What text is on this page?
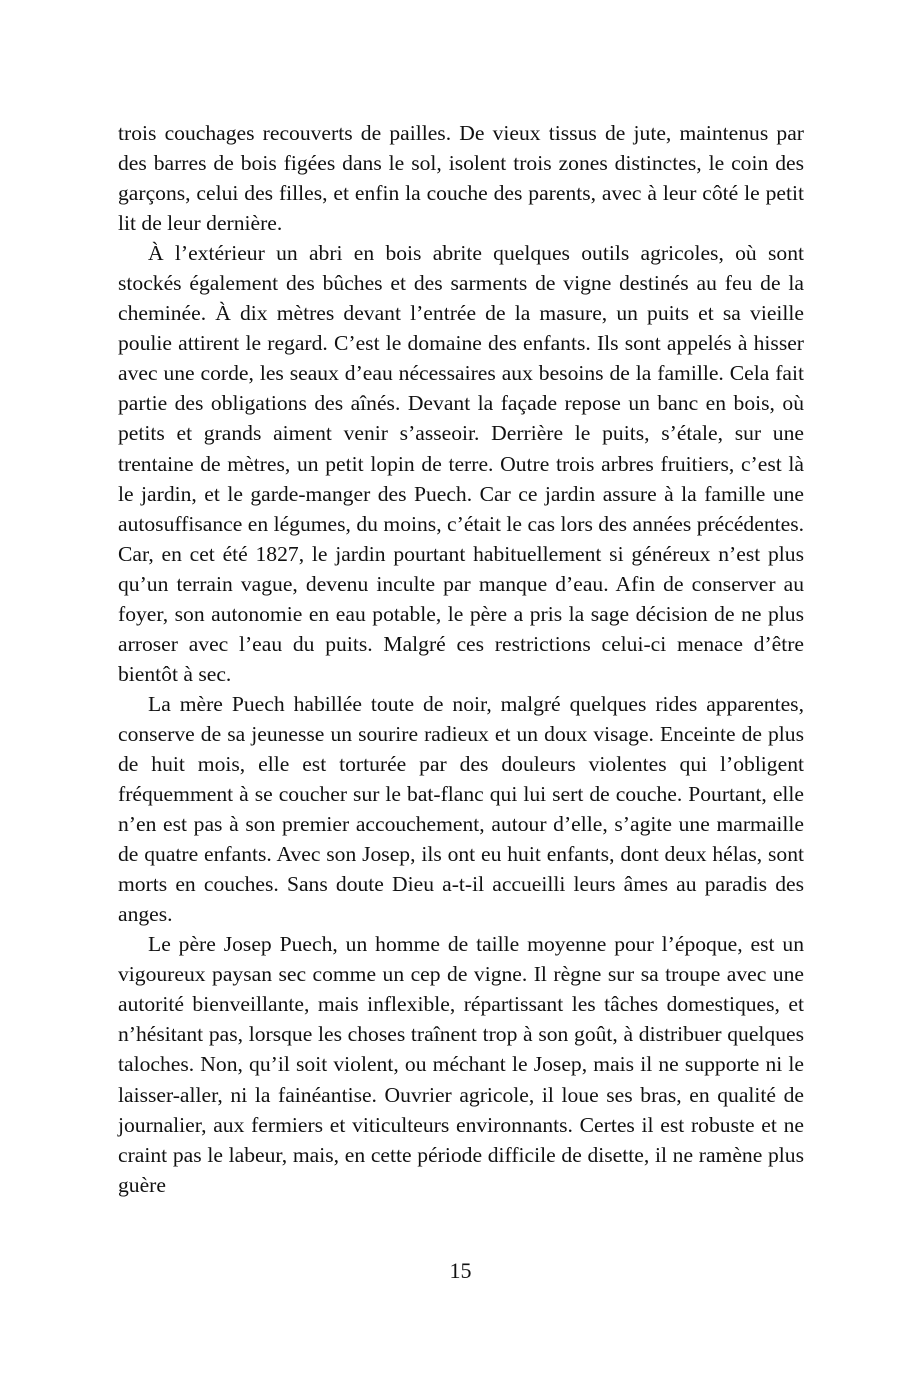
trois couchages recouverts de pailles. De vieux tissus de jute, maintenus par des barres de bois figées dans le sol, isolent trois zones distinctes, le coin des garçons, celui des filles, et enfin la couche des parents, avec à leur côté le petit lit de leur dernière.

À l’extérieur un abri en bois abrite quelques outils agricoles, où sont stockés également des bûches et des sarments de vigne destinés au feu de la cheminée. À dix mètres devant l’entrée de la masure, un puits et sa vieille poulie attirent le regard. C’est le domaine des enfants. Ils sont appelés à hisser avec une corde, les seaux d’eau nécessaires aux besoins de la famille. Cela fait partie des obligations des aînés. Devant la façade repose un banc en bois, où petits et grands aiment venir s’asseoir. Derrière le puits, s’étale, sur une trentaine de mètres, un petit lopin de terre. Outre trois arbres fruitiers, c’est là le jardin, et le garde-manger des Puech. Car ce jardin assure à la famille une autosuffisance en légumes, du moins, c’était le cas lors des années précédentes. Car, en cet été 1827, le jardin pourtant habituellement si généreux n’est plus qu’un terrain vague, devenu inculte par manque d’eau. Afin de conserver au foyer, son autonomie en eau potable, le père a pris la sage décision de ne plus arroser avec l’eau du puits. Malgré ces restrictions celui-ci menace d’être bientôt à sec.

La mère Puech habillée toute de noir, malgré quelques rides apparentes, conserve de sa jeunesse un sourire radieux et un doux visage. Enceinte de plus de huit mois, elle est torturée par des douleurs violentes qui l’obligent fréquemment à se coucher sur le bat-flanc qui lui sert de couche. Pourtant, elle n’en est pas à son premier accouchement, autour d’elle, s’agite une marmaille de quatre enfants. Avec son Josep, ils ont eu huit enfants, dont deux hélas, sont morts en couches. Sans doute Dieu a-t-il accueilli leurs âmes au paradis des anges.

Le père Josep Puech, un homme de taille moyenne pour l’époque, est un vigoureux paysan sec comme un cep de vigne. Il règne sur sa troupe avec une autorité bienveillante, mais inflexible, répartissant les tâches domestiques, et n’hésitant pas, lorsque les choses traînent trop à son goût, à distribuer quelques taloches. Non, qu’il soit violent, ou méchant le Josep, mais il ne supporte ni le laisser-aller, ni la fainéantise. Ouvrier agricole, il loue ses bras, en qualité de journalier, aux fermiers et viticulteurs environnants. Certes il est robuste et ne craint pas le labeur, mais, en cette période difficile de disette, il ne ramène plus guère

15
